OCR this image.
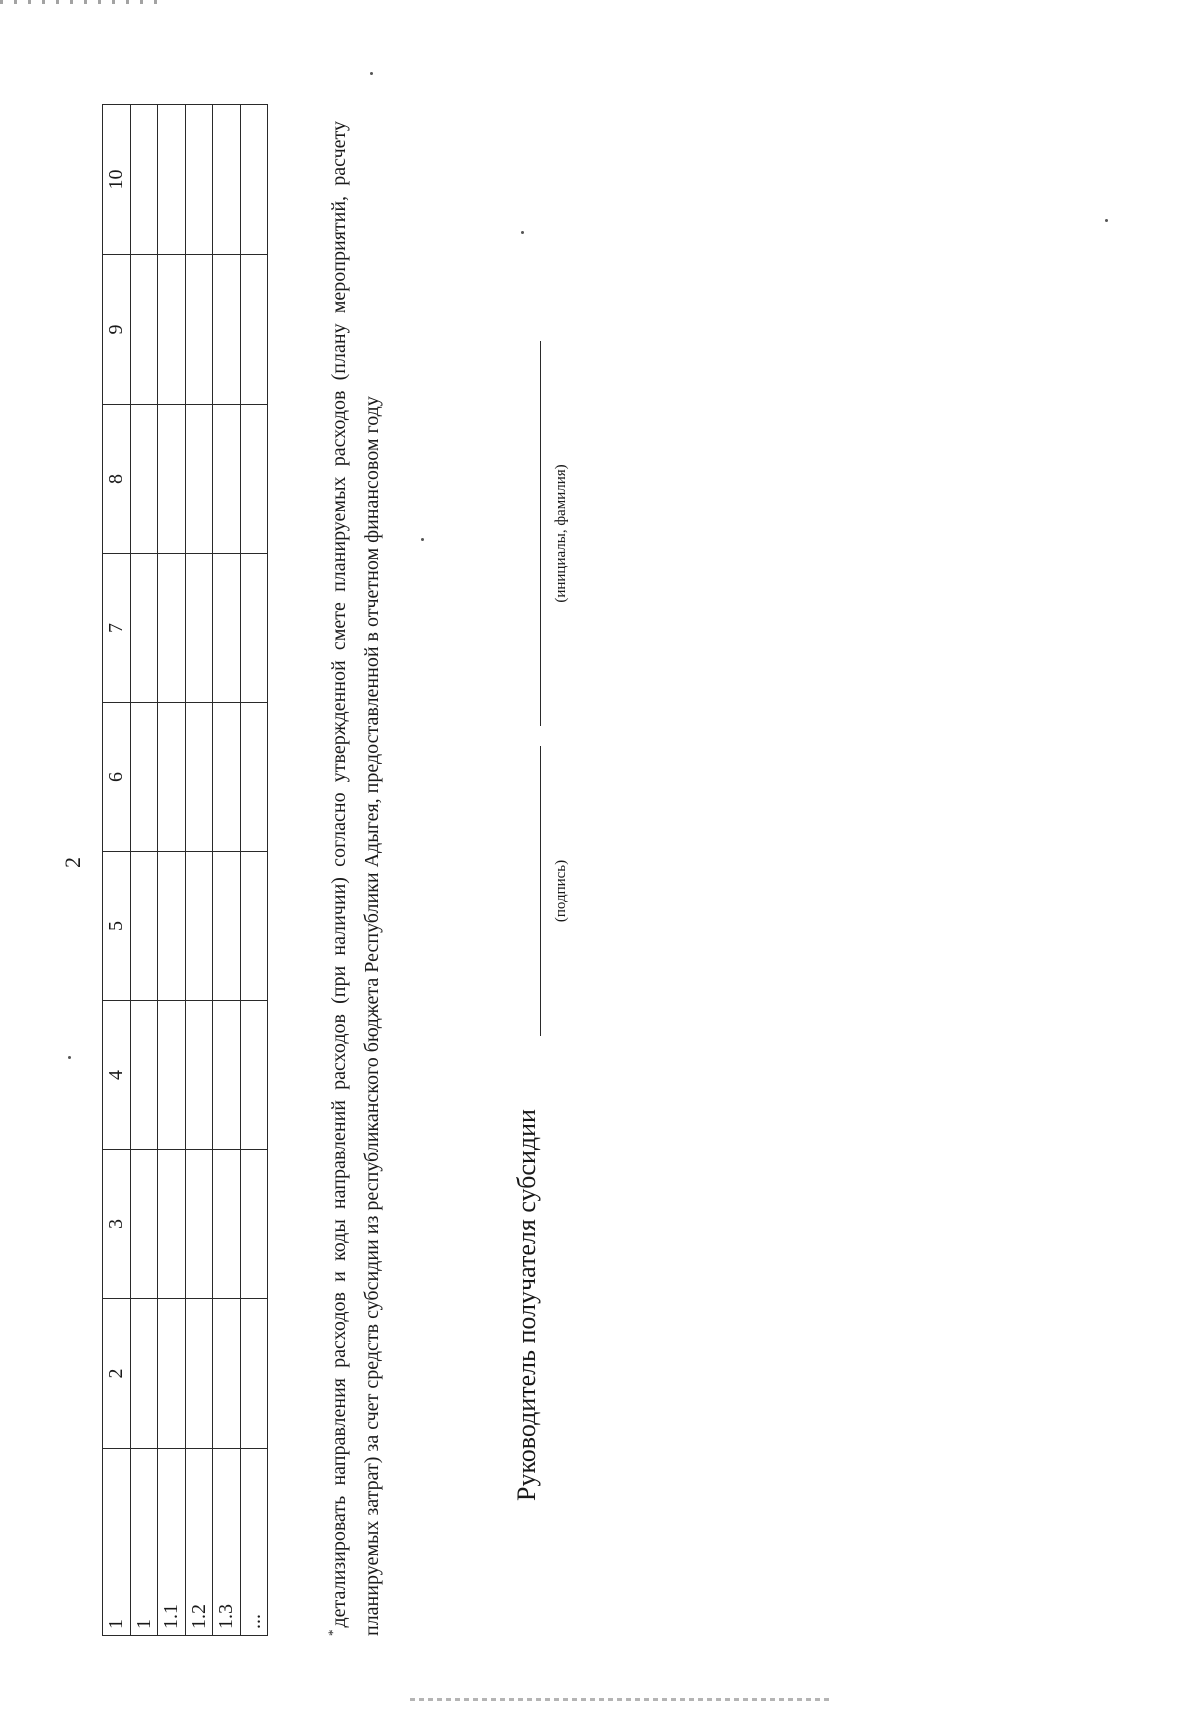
2
1	2	3	4	5	6	7	8	9	10
1									
1.1									
1.2									
1.3									
...									
*детализировать направления расходов и коды направлений расходов (при наличии) согласно утвержденной смете планируемых расходов (плану мероприятий, расчету планируемых затрат) за счет средств субсидии из республиканского бюджета Республики Адыгея, предоставленной в отчетном финансовом году	Руководитель получателя субсидии
(подпись)
(инициалы, фамилия)
